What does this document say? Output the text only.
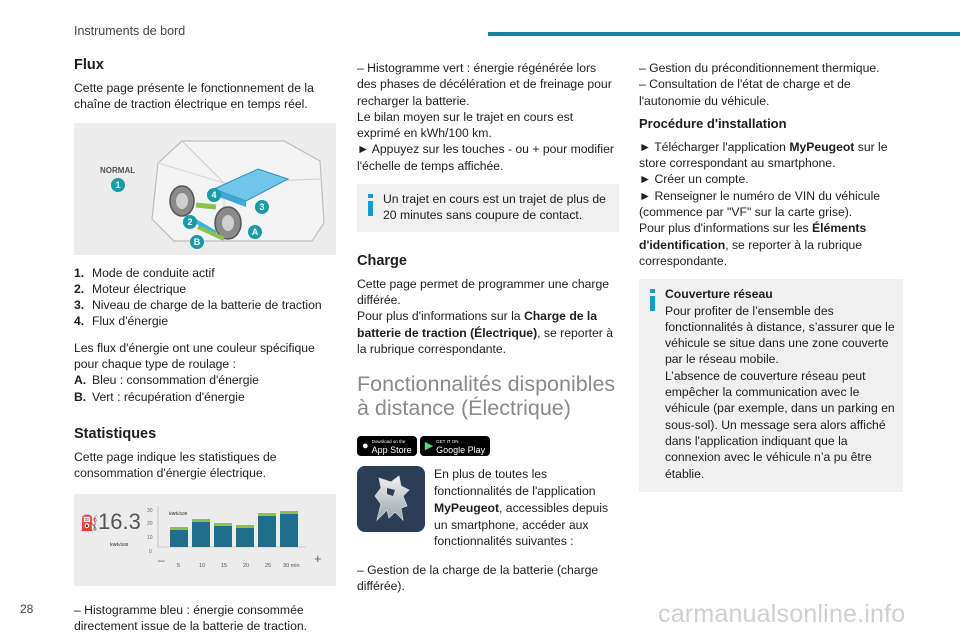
Instruments de bord
Flux

Cette page présente le fonctionnement de la chaîne de traction électrique en temps réel.

NORMAL
1
4
3
2
A
B
1. Mode de conduite actif
2. Moteur électrique
3. Niveau de charge de la batterie de traction
4. Flux d'énergie

Les flux d'énergie ont une couleur spécifique pour chaque type de roulage :

A. Bleu : consommation d'énergie
B. Vert : récupération d'énergie
Statistiques

Cette page indique les statistiques de consommation d'énergie électrique.

⛽ 16.3
kWh/100
kWh/100
30
20
10
0
5	10	15	20	25 30 min
–	+

– Histogramme bleu : énergie consommée directement issue de la batterie de traction.

– Histogramme vert : énergie régénérée lors des phases de décélération et de freinage pour recharger la batterie.

Le bilan moyen sur le trajet en cours est exprimé en kWh/100 km.

► Appuyez sur les touches - ou + pour modifier l'échelle de temps affichée.

Un trajet en cours est un trajet de plus de 20 minutes sans coupure de contact.
Charge

Cette page permet de programmer une charge différée.

Pour plus d'informations sur la Charge de la batterie de traction (Électrique), se reporter à la rubrique correspondante.

Fonctionnalités disponibles à distance (Électrique)
● Download on the
App Store ▶ GET IT ON
Google Play
En plus de toutes les fonctionnalités de l'application MyPeugeot, accessibles depuis un smartphone, accéder aux fonctionnalités suivantes :

– Gestion de la charge de la batterie (charge différée).

– Gestion du préconditionnement thermique.

– Consultation de l'état de charge et de l'autonomie du véhicule.

Procédure d'installation

► Télécharger l'application MyPeugeot sur le store correspondant au smartphone.

► Créer un compte.

► Renseigner le numéro de VIN du véhicule (commence par "VF" sur la carte grise).

Pour plus d'informations sur les Éléments d'identification, se reporter à la rubrique correspondante.

Couverture réseau
Pour profiter de l’ensemble des fonctionnalités à distance, s’assurer que le véhicule se situe dans une zone couverte par le réseau mobile.
L’absence de couverture réseau peut empêcher la communication avec le véhicule (par exemple, dans un parking en sous-sol). Un message sera alors affiché dans l'application indiquant que la connexion avec le véhicule n’a pu être établie.
28	carmanualsonline.info
